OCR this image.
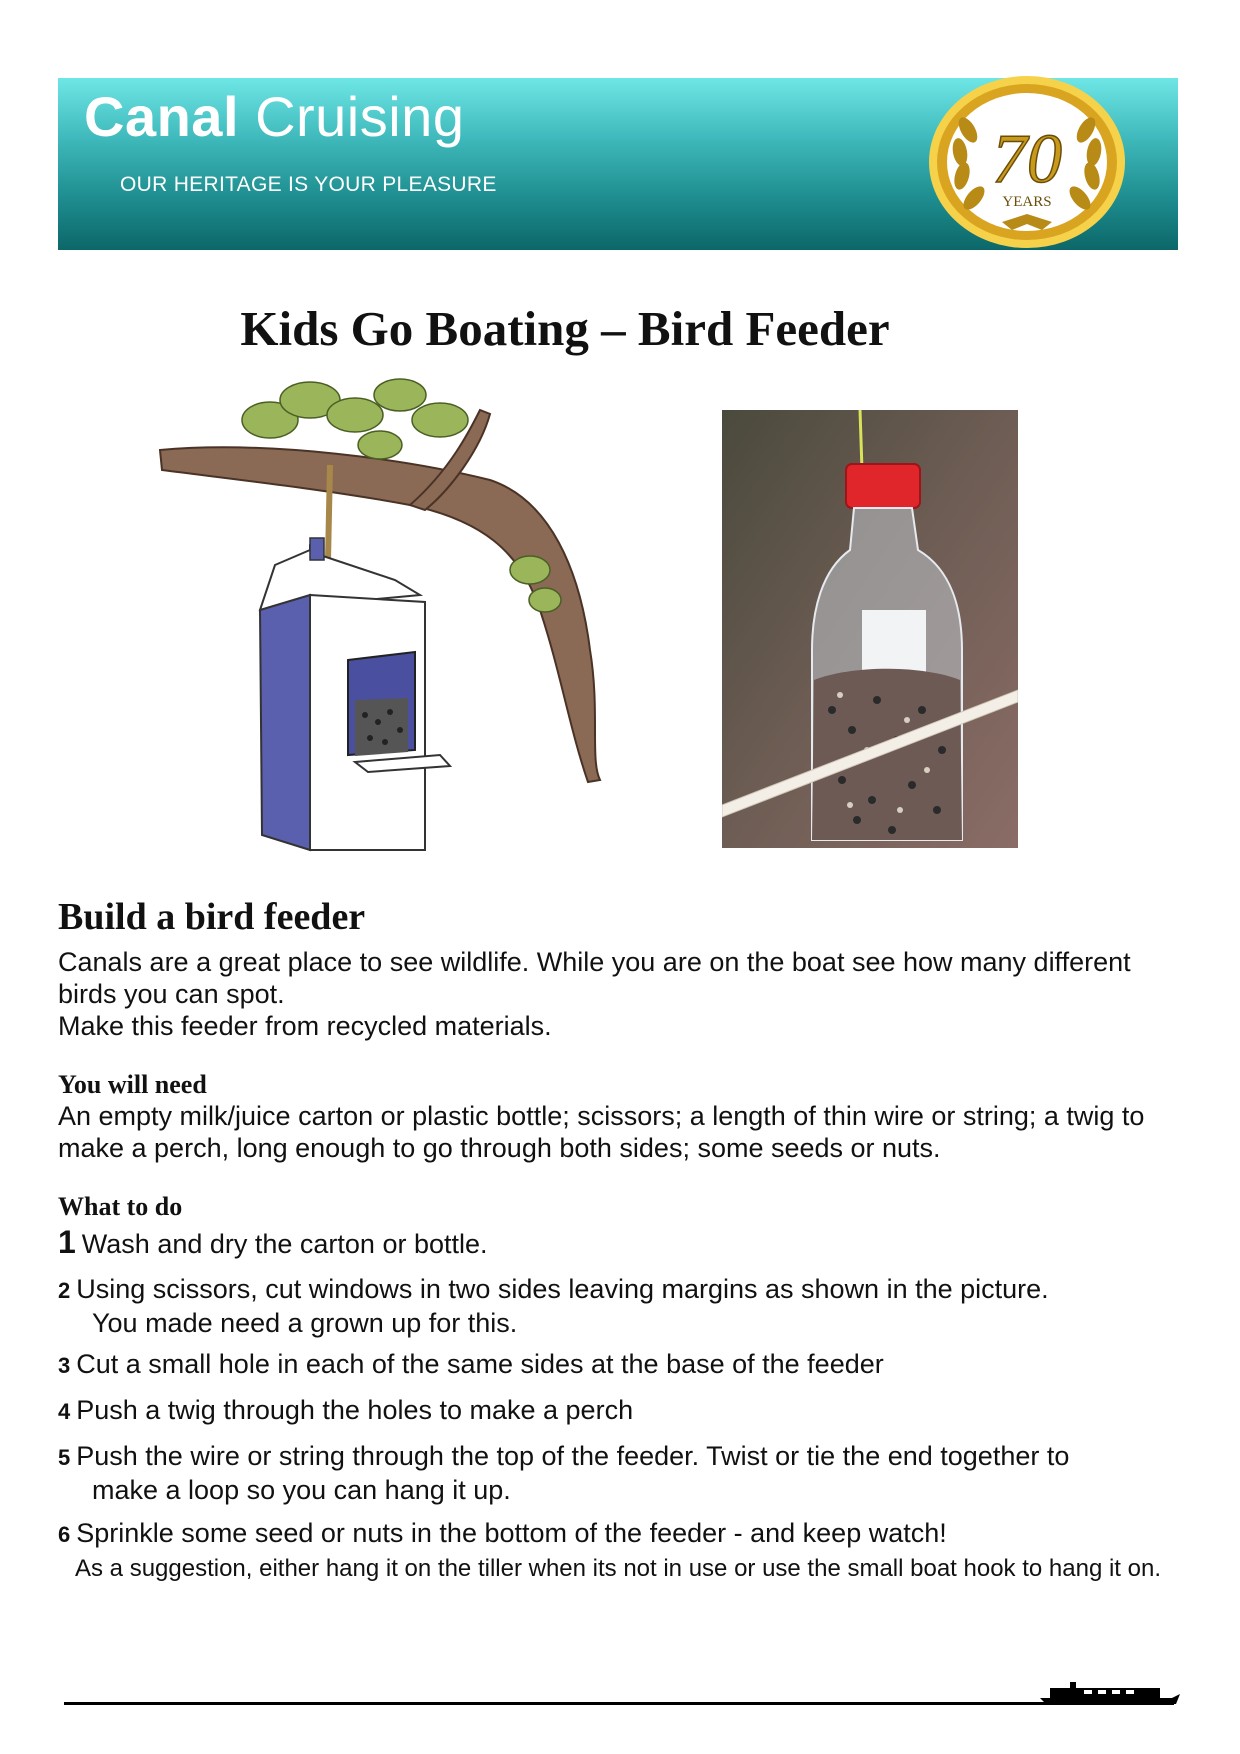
Canal Cruising
OUR HERITAGE IS YOUR PLEASURE	70
YEARS
Kids Go Boating – Bird Feeder
Build a bird feeder

Canals are a great place to see wildlife. While you are on the boat see how many different birds you can spot.

Make this feeder from recycled materials.

You will need

An empty milk/juice carton or plastic bottle; scissors; a length of thin wire or string; a twig to make a perch, long enough to go through both sides; some seeds or nuts.

What to do
1 Wash and dry the carton or bottle.
2 Using scissors, cut windows in two sides leaving margins as shown in the picture.
You made need a grown up for this.
3 Cut a small hole in each of the same sides at the base of the feeder
4 Push a twig through the holes to make a perch
5 Push the wire or string through the top of the feeder. Twist or tie the end together to
make a loop so you can hang it up.
6 Sprinkle some seed or nuts in the bottom of the feeder - and keep watch!
As a suggestion, either hang it on the tiller when its not in use or use the small boat hook to hang it on.
